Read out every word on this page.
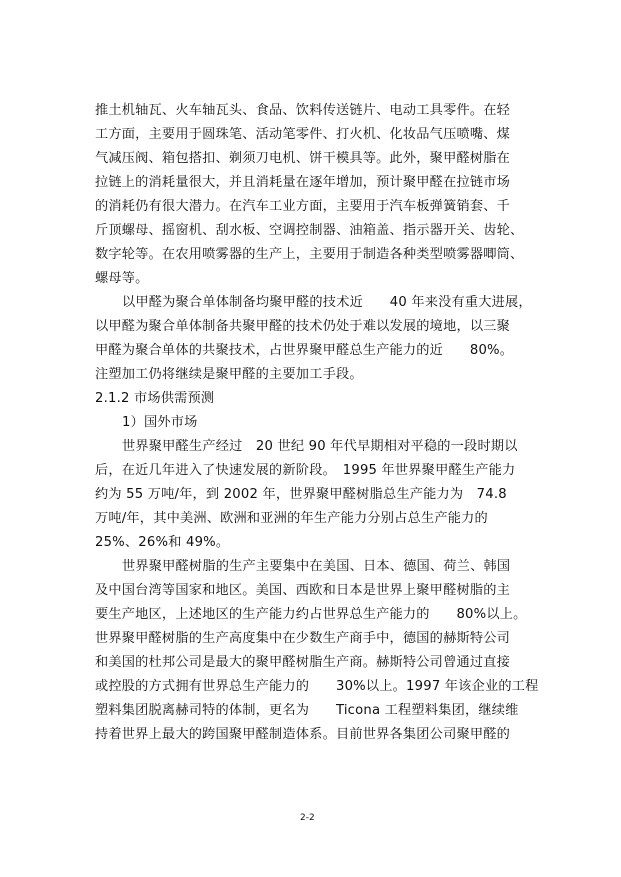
推土机轴瓦、火车轴瓦头、食品、饮料传送链片、电动工具零件。在轻
工方面，主要用于圆珠笔、活动笔零件、打火机、化妆品气压喷嘴、煤
气减压阀、箱包搭扣、剃须刀电机、饼干模具等。此外，聚甲醛树脂在
拉链上的消耗量很大，并且消耗量在逐年增加，预计聚甲醛在拉链市场
的消耗仍有很大潜力。在汽车工业方面，主要用于汽车板弹簧销套、千
斤顶螺母、摇窗机、刮水板、空调控制器、油箱盖、指示器开关、齿轮、
数字轮等。在农用喷雾器的生产上，主要用于制造各种类型喷雾器唧筒、
螺母等。
以甲醛为聚合单体制备均聚甲醛的技术近　　40 年来没有重大进展，
以甲醛为聚合单体制备共聚甲醛的技术仍处于难以发展的境地，以三聚
甲醛为聚合单体的共聚技术，占世界聚甲醛总生产能力的近　　80%。
注塑加工仍将继续是聚甲醛的主要加工手段。
2.1.2 市场供需预测
1）国外市场
世界聚甲醛生产经过　20 世纪 90 年代早期相对平稳的一段时期以
后，在近几年进入了快速发展的新阶段。　1995 年世界聚甲醛生产能力
约为 55 万吨/年，到 2002 年，世界聚甲醛树脂总生产能力为　74.8
万吨/年，其中美洲、欧洲和亚洲的年生产能力分别占总生产能力的
25%、26%和 49%。
世界聚甲醛树脂的生产主要集中在美国、日本、德国、荷兰、韩国
及中国台湾等国家和地区。美国、西欧和日本是世界上聚甲醛树脂的主
要生产地区，上述地区的生产能力约占世界总生产能力的　　80%以上。
世界聚甲醛树脂的生产高度集中在少数生产商手中，德国的赫斯特公司
和美国的杜邦公司是最大的聚甲醛树脂生产商。赫斯特公司曾通过直接
或控股的方式拥有世界总生产能力的　　30%以上。1997 年该企业的工程
塑料集团脱离赫司特的体制，更名为　　Ticona 工程塑料集团，继续维
持着世界上最大的跨国聚甲醛制造体系。目前世界各集团公司聚甲醛的
2-2
